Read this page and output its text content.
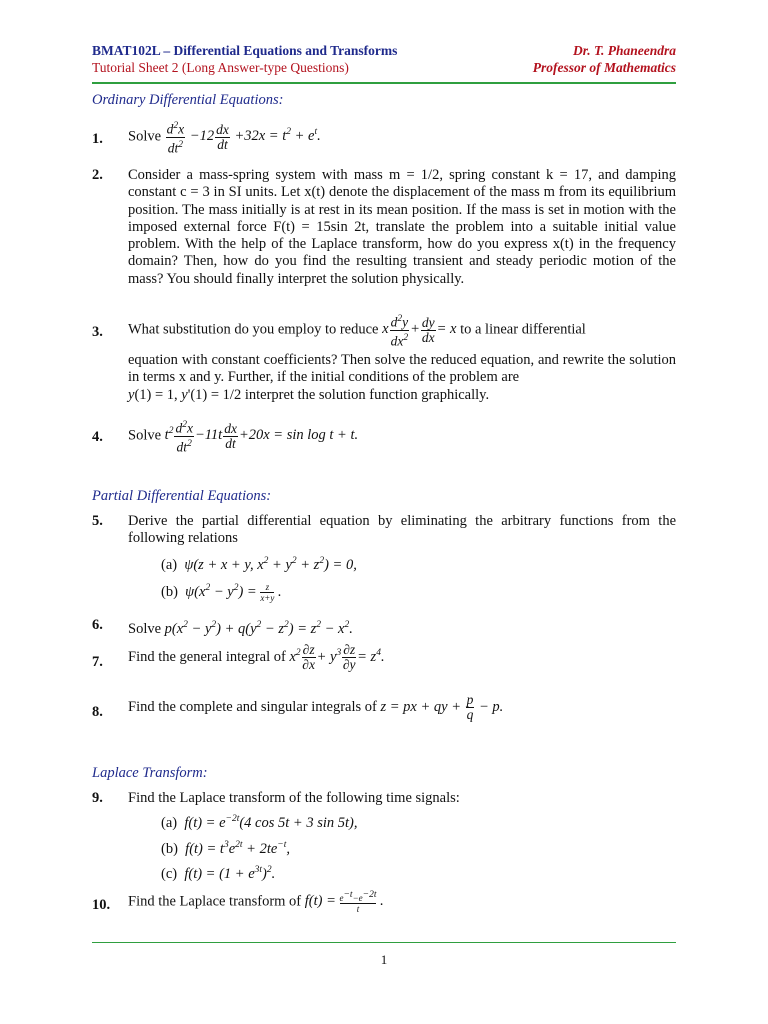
BMAT102L – Differential Equations and Transforms
Tutorial Sheet 2 (Long Answer-type Questions)
Dr. T. Phaneendra
Professor of Mathematics
Ordinary Differential Equations:
1. Solve $\frac{d^2x}{dt^2} -12 \frac{dx}{dt} +32x = t^2 + e^t$.
2. Consider a mass-spring system with mass m = 1/2, spring constant k = 17, and damping constant c = 3 in SI units. Let x(t) denote the displacement of the mass m from its equilibrium position. The mass initially is at rest in its mean position. If the mass is set in motion with the imposed external force F(t) = 15sin 2t, translate the problem into a suitable initial value problem. With the help of the Laplace transform, how do you express x(t) in the frequency domain? Then, how do you find the resulting transient and steady periodic motion of the mass? You should finally interpret the solution physically.
3. What substitution do you employ to reduce x $\frac{d^2y}{dx^2} + \frac{dy}{dx} = x$ to a linear differential
equation with constant coefficients? Then solve the reduced equation, and rewrite the solution in terms x and y. Further, if the initial conditions of the problem are
y(1) = 1, y'(1) = 1/2 interpret the solution function graphically.
4. Solve $t^2 \frac{d^2x}{dt^2} -11t \frac{dx}{dt} +20x = \sin \log t + t$.
Partial Differential Equations:
5. Derive the partial differential equation by eliminating the arbitrary functions from the following relations
(a) ψ(z + x + y, $x^2 + y^2 + z^2) = 0$,
(b) $\psi(x^2 - y^2) = \frac{z}{x+y}$ .
6. Solve $p(x^2 - y^2) + q(y^2 - z^2) = z^2 - x^2$.
7. Find the general integral of $x^2 \frac{\partial z}{\partial x} + y^3 \frac{\partial z}{\partial y} = z^4$.
8. Find the complete and singular integrals of z = px + qy + $\frac{p}{q} - p$.
Laplace Transform:
9. Find the Laplace transform of the following time signals:
(a) $f(t) = e^{-2t}(4$ cos 5t + 3 sin 5t),
(b) $f(t) = t^3e^{2t} + 2te^{-t}$,
(c) $f(t) = (1 + e^{3t})^2$.
10. Find the Laplace transform of $f(t) = \frac{e^{-t}-e^{-2t}}{t}$ .
1
